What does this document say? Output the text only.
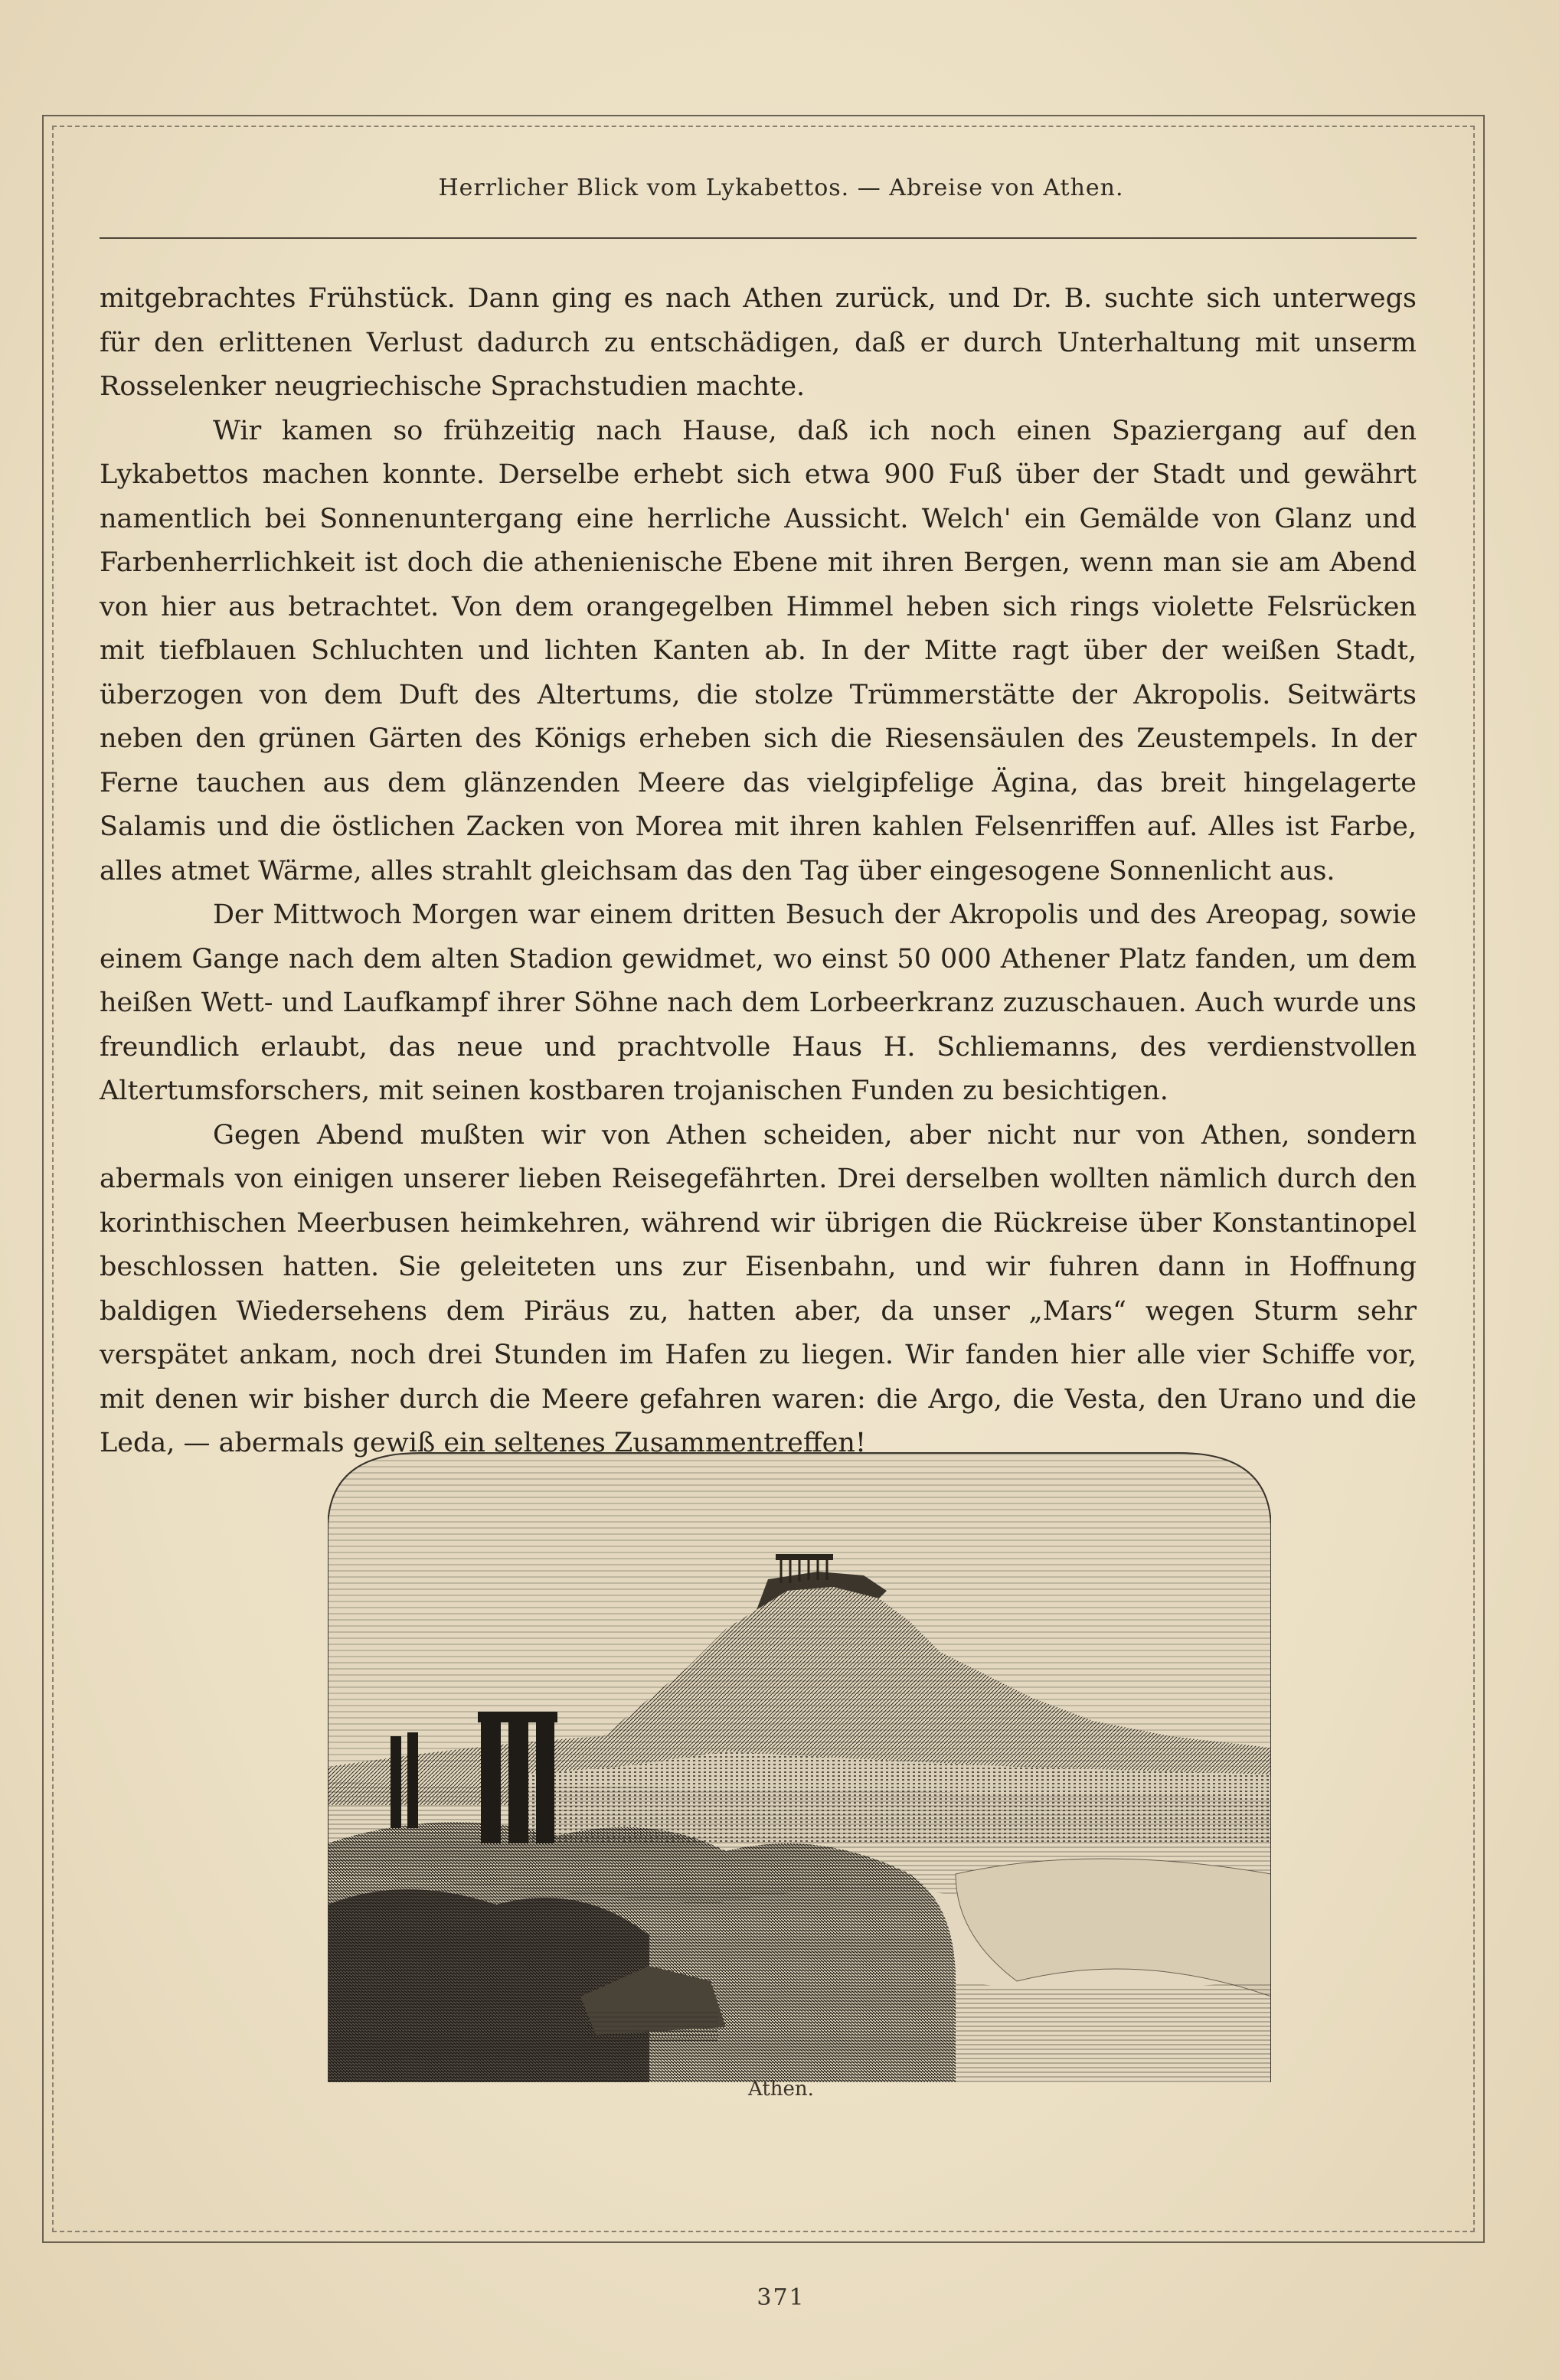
Herrlicher Blick vom Lykabettos. — Abreise von Athen.

mitgebrachtes Frühstück. Dann ging es nach Athen zurück, und Dr. B. suchte sich unterwegs für den erlittenen Verlust dadurch zu entschädigen, daß er durch Unterhaltung mit unserm Rosselenker neugriechische Sprachstudien machte.

Wir kamen so frühzeitig nach Hause, daß ich noch einen Spaziergang auf den Lykabettos machen konnte. Derselbe erhebt sich etwa 900 Fuß über der Stadt und gewährt namentlich bei Sonnenuntergang eine herrliche Aussicht. Welch' ein Gemälde von Glanz und Farbenherrlichkeit ist doch die athenienische Ebene mit ihren Bergen, wenn man sie am Abend von hier aus betrachtet. Von dem orangegelben Himmel heben sich rings violette Felsrücken mit tiefblauen Schluchten und lichten Kanten ab. In der Mitte ragt über der weißen Stadt, überzogen von dem Duft des Altertums, die stolze Trümmerstätte der Akropolis. Seitwärts neben den grünen Gärten des Königs erheben sich die Riesensäulen des Zeustempels. In der Ferne tauchen aus dem glänzenden Meere das vielgipfelige Ägina, das breit hingelagerte Salamis und die östlichen Zacken von Morea mit ihren kahlen Felsenriffen auf. Alles ist Farbe, alles atmet Wärme, alles strahlt gleichsam das den Tag über eingesogene Sonnenlicht aus.

Der Mittwoch Morgen war einem dritten Besuch der Akropolis und des Areopag, sowie einem Gange nach dem alten Stadion gewidmet, wo einst 50 000 Athener Platz fanden, um dem heißen Wett- und Laufkampf ihrer Söhne nach dem Lorbeerkranz zuzuschauen. Auch wurde uns freundlich erlaubt, das neue und prachtvolle Haus H. Schliemanns, des verdienstvollen Altertumsforschers, mit seinen kostbaren trojanischen Funden zu besichtigen.

Gegen Abend mußten wir von Athen scheiden, aber nicht nur von Athen, sondern abermals von einigen unserer lieben Reisegefährten. Drei derselben wollten nämlich durch den korinthischen Meerbusen heimkehren, während wir übrigen die Rückreise über Konstantinopel beschlossen hatten. Sie geleiteten uns zur Eisenbahn, und wir fuhren dann in Hoffnung baldigen Wiedersehens dem Piräus zu, hatten aber, da unser „Mars“ wegen Sturm sehr verspätet ankam, noch drei Stunden im Hafen zu liegen. Wir fanden hier alle vier Schiffe vor, mit denen wir bisher durch die Meere gefahren waren: die Argo, die Vesta, den Urano und die Leda, — abermals gewiß ein seltenes Zusammentreffen!

Athen.
371
